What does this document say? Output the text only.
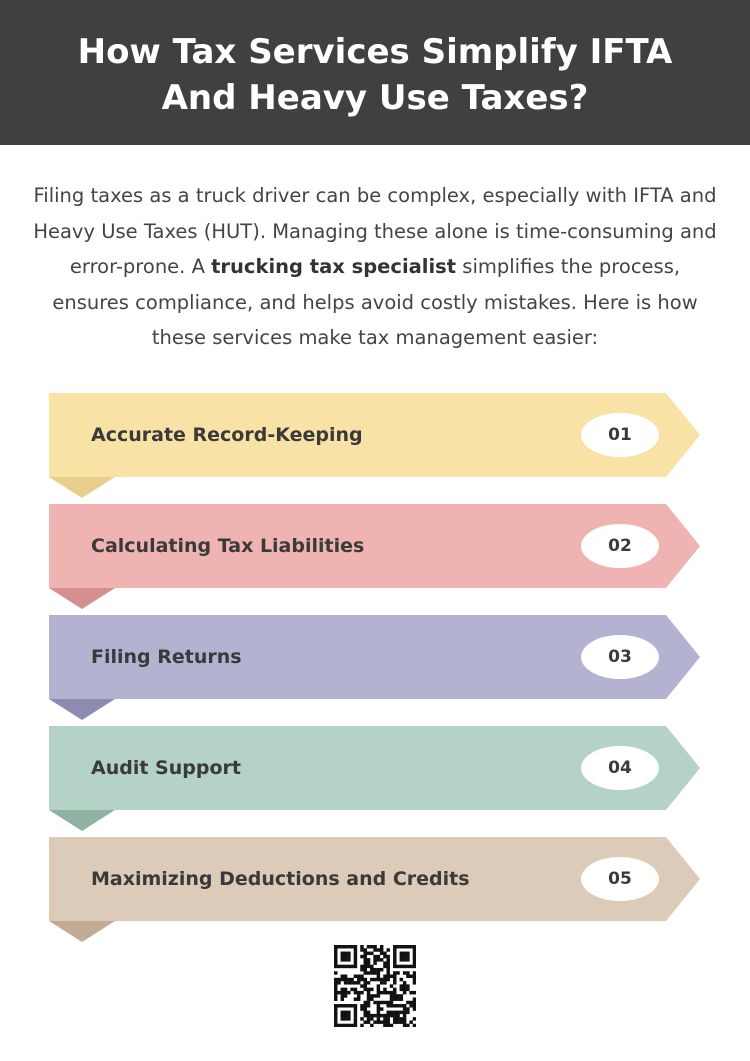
How Tax Services Simplify IFTA And Heavy Use Taxes?

Filing taxes as a truck driver can be complex, especially with IFTA and Heavy Use Taxes (HUT). Managing these alone is time-consuming and error-prone. A trucking tax specialist simplifies the process, ensures compliance, and helps avoid costly mistakes. Here is how these services make tax management easier:

Accurate Record-Keeping	01
Calculating Tax Liabilities	02
Filing Returns	03
Audit Support	04
Maximizing Deductions and Credits	05
